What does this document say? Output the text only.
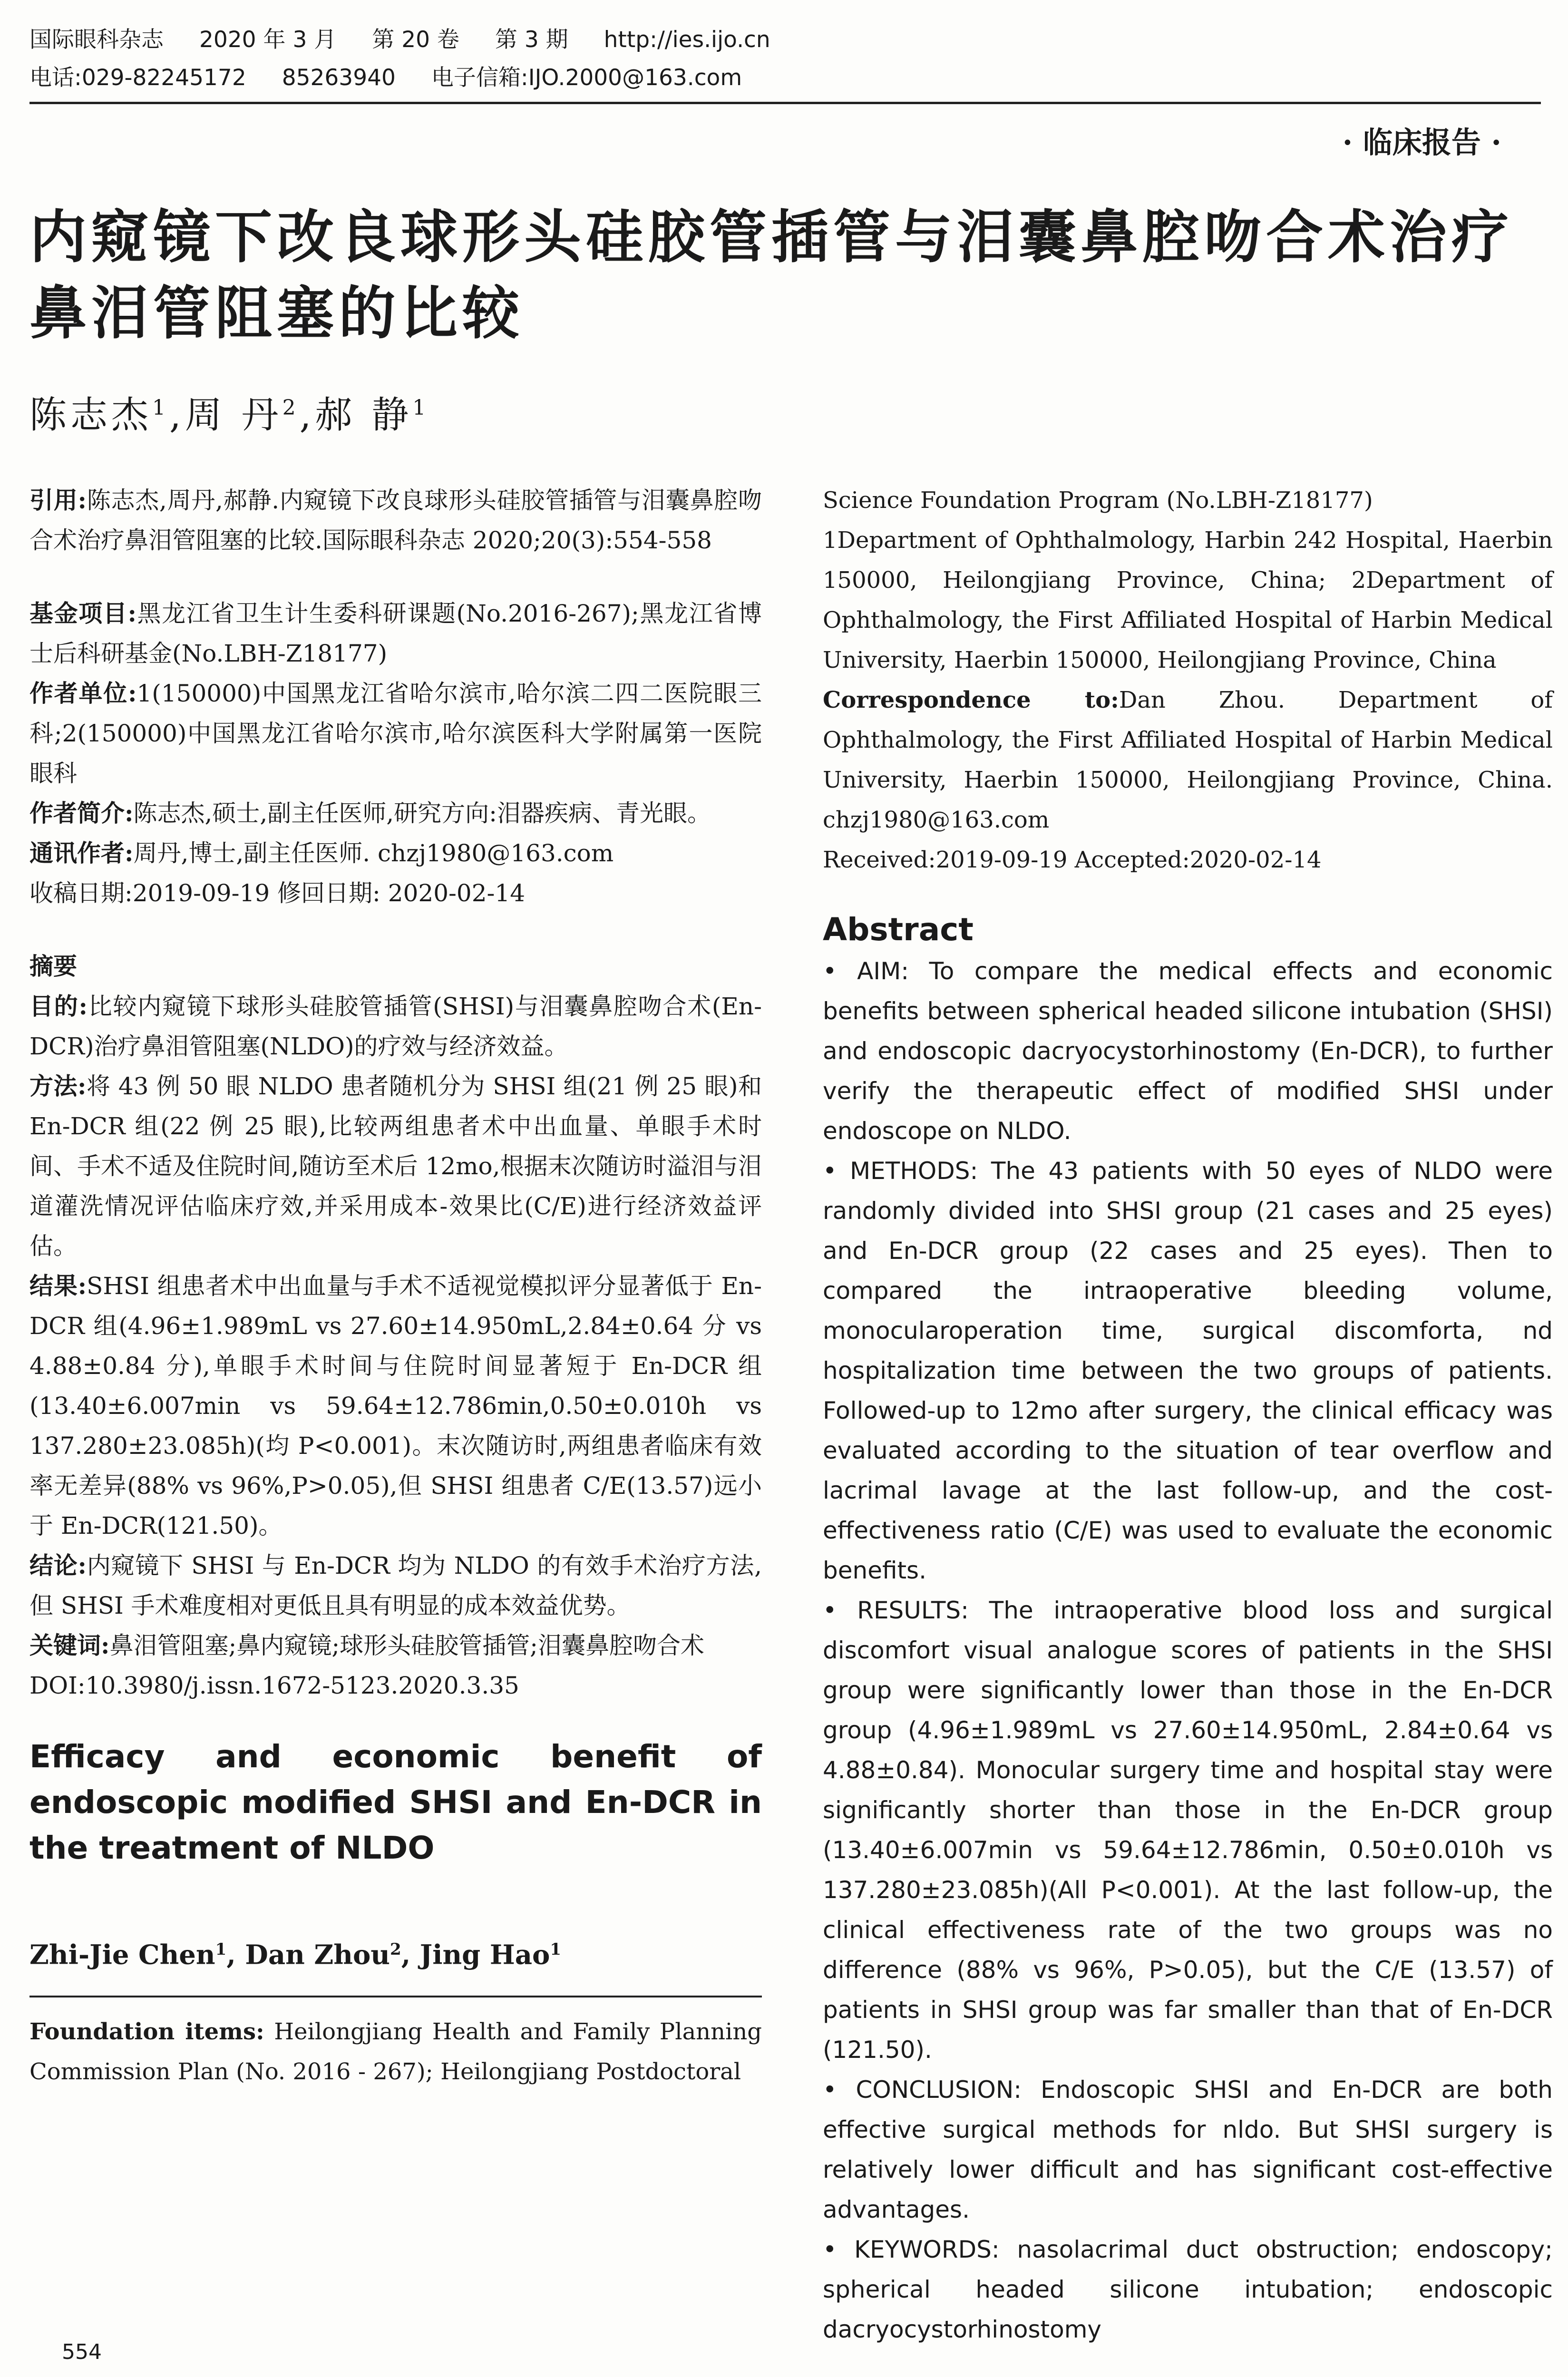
国际眼科杂志 2020 年 3 月 第 20 卷 第 3 期 http://ies.ijo.cn
电话:029-82245172 85263940 电子信箱:IJO.2000@163.com
· 临床报告 ·
内窥镜下改良球形头硅胶管插管与泪囊鼻腔吻合术治疗鼻泪管阻塞的比较
陈志杰$^1$,周 丹$^2$,郝 静$^1$

引用:陈志杰,周丹,郝静.内窥镜下改良球形头硅胶管插管与泪囊鼻腔吻合术治疗鼻泪管阻塞的比较.国际眼科杂志 2020;20(3):554-558

基金项目:黑龙江省卫生计生委科研课题(No.2016-267);黑龙江省博士后科研基金(No.LBH-Z18177)

作者单位:1(150000)中国黑龙江省哈尔滨市,哈尔滨二四二医院眼三科;2(150000)中国黑龙江省哈尔滨市,哈尔滨医科大学附属第一医院眼科

作者简介:陈志杰,硕士,副主任医师,研究方向:泪器疾病、青光眼。

通讯作者:周丹,博士,副主任医师. chzj1980@163.com

收稿日期:2019-09-19 修回日期: 2020-02-14

摘要

目的:比较内窥镜下球形头硅胶管插管(SHSI)与泪囊鼻腔吻合术(En-DCR)治疗鼻泪管阻塞(NLDO)的疗效与经济效益。

方法:将 43 例 50 眼 NLDO 患者随机分为 SHSI 组(21 例 25 眼)和 En-DCR 组(22 例 25 眼),比较两组患者术中出血量、单眼手术时间、手术不适及住院时间,随访至术后 12mo,根据末次随访时溢泪与泪道灌洗情况评估临床疗效,并采用成本-效果比(C/E)进行经济效益评估。

结果:SHSI 组患者术中出血量与手术不适视觉模拟评分显著低于 En-DCR 组(4.96±1.989mL vs 27.60±14.950mL,2.84±0.64 分 vs 4.88±0.84 分),单眼手术时间与住院时间显著短于 En-DCR 组(13.40±6.007min vs 59.64±12.786min,0.50±0.010h vs 137.280±23.085h)(均 P<0.001)。末次随访时,两组患者临床有效率无差异(88% vs 96%,P>0.05),但 SHSI 组患者 C/E(13.57)远小于 En-DCR(121.50)。

结论:内窥镜下 SHSI 与 En-DCR 均为 NLDO 的有效手术治疗方法,但 SHSI 手术难度相对更低且具有明显的成本效益优势。

关键词:鼻泪管阻塞;鼻内窥镜;球形头硅胶管插管;泪囊鼻腔吻合术

DOI:10.3980/j.issn.1672-5123.2020.3.35

Efficacy and economic benefit of endoscopic modified SHSI and En-DCR in the treatment of NLDO
Zhi-Jie Chen$^1$, Dan Zhou$^2$, Jing Hao$^1$

Foundation items: Heilongjiang Health and Family Planning Commission Plan (No. 2016 - 267); Heilongjiang Postdoctoral

Science Foundation Program (No.LBH-Z18177)

1Department of Ophthalmology, Harbin 242 Hospital, Haerbin 150000, Heilongjiang Province, China; 2Department of Ophthalmology, the First Affiliated Hospital of Harbin Medical University, Haerbin 150000, Heilongjiang Province, China

Correspondence to:Dan Zhou. Department of Ophthalmology, the First Affiliated Hospital of Harbin Medical University, Haerbin 150000, Heilongjiang Province, China. chzj1980@163.com

Received:2019-09-19 Accepted:2020-02-14

Abstract

• AIM: To compare the medical effects and economic benefits between spherical headed silicone intubation (SHSI) and endoscopic dacryocystorhinostomy (En-DCR), to further verify the therapeutic effect of modified SHSI under endoscope on NLDO.

• METHODS: The 43 patients with 50 eyes of NLDO were randomly divided into SHSI group (21 cases and 25 eyes) and En-DCR group (22 cases and 25 eyes). Then to compared the intraoperative bleeding volume, monocularoperation time, surgical discomforta, nd hospitalization time between the two groups of patients. Followed-up to 12mo after surgery, the clinical efficacy was evaluated according to the situation of tear overflow and lacrimal lavage at the last follow-up, and the cost-effectiveness ratio (C/E) was used to evaluate the economic benefits.

• RESULTS: The intraoperative blood loss and surgical discomfort visual analogue scores of patients in the SHSI group were significantly lower than those in the En-DCR group (4.96±1.989mL vs 27.60±14.950mL, 2.84±0.64 vs 4.88±0.84). Monocular surgery time and hospital stay were significantly shorter than those in the En-DCR group (13.40±6.007min vs 59.64±12.786min, 0.50±0.010h vs 137.280±23.085h)(All P<0.001). At the last follow-up, the clinical effectiveness rate of the two groups was no difference (88% vs 96%, P>0.05), but the C/E (13.57) of patients in SHSI group was far smaller than that of En-DCR (121.50).

• CONCLUSION: Endoscopic SHSI and En-DCR are both effective surgical methods for nldo. But SHSI surgery is relatively lower difficult and has significant cost-effective advantages.

• KEYWORDS: nasolacrimal duct obstruction; endoscopy; spherical headed silicone intubation; endoscopic dacryocystorhinostomy

554
